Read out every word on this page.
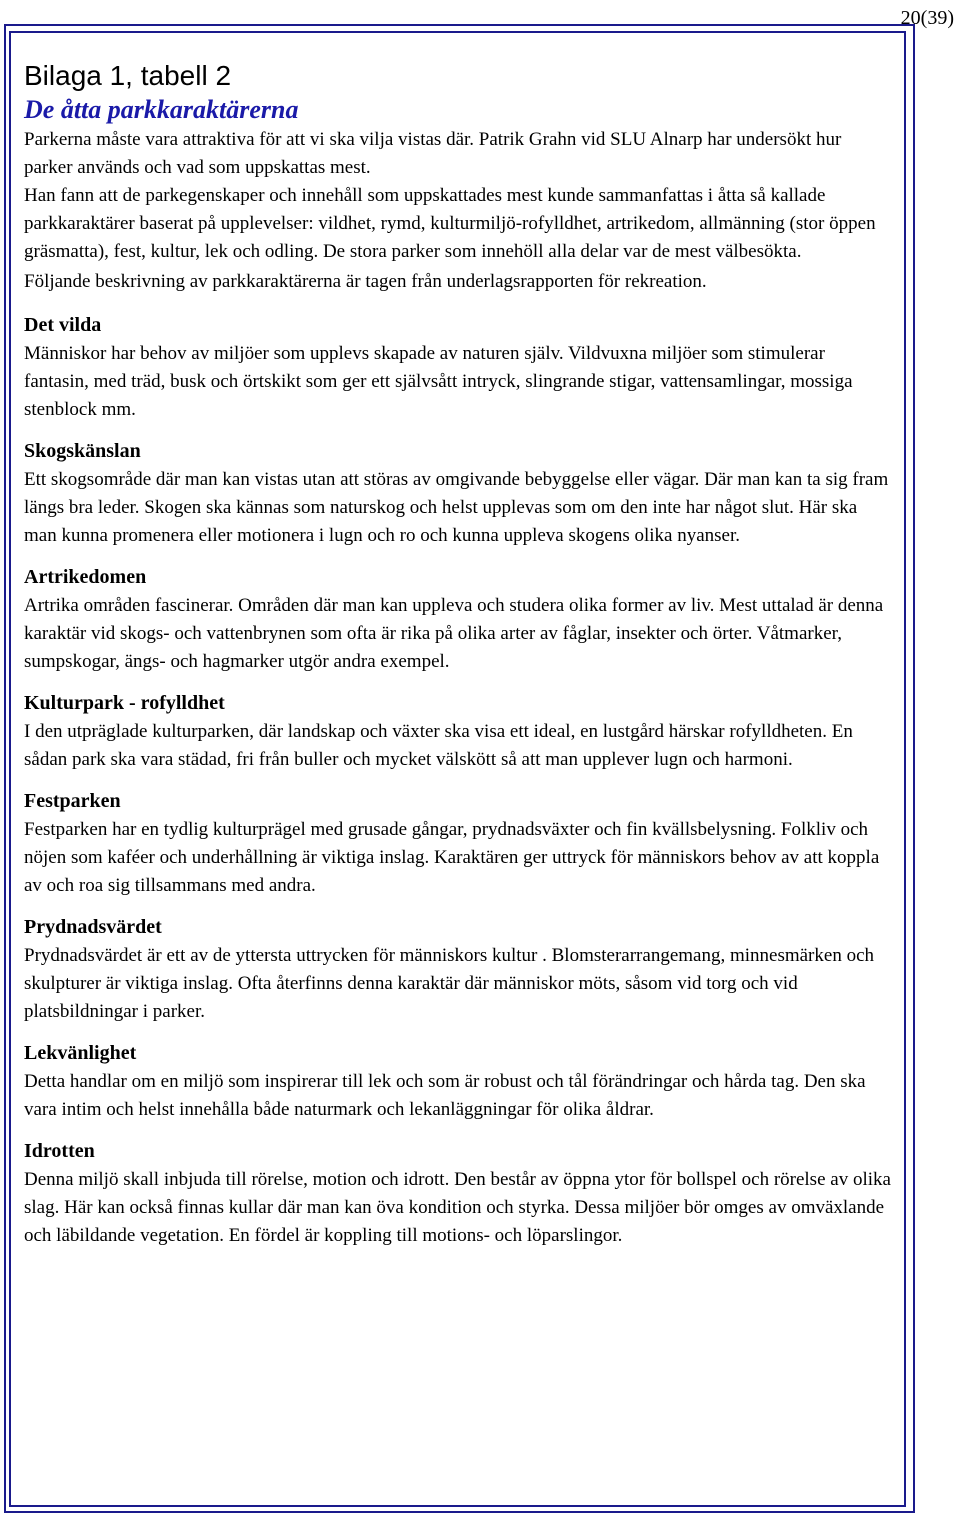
20(39)
Bilaga 1, tabell 2
De åtta parkkaraktärerna

Parkerna måste vara attraktiva för att vi ska vilja vistas där. Patrik Grahn vid SLU Alnarp har undersökt hur parker används och vad som uppskattas mest.

Han fann att de parkegenskaper och innehåll som uppskattades mest kunde sammanfattas i åtta så kallade parkkaraktärer baserat på upplevelser: vildhet, rymd, kulturmiljö-rofylldhet, artrikedom, allmänning (stor öppen gräsmatta), fest, kultur, lek och odling. De stora parker som innehöll alla delar var de mest välbesökta.

Följande beskrivning av parkkaraktärerna är tagen från underlagsrapporten för rekreation.

Det vilda

Människor har behov av miljöer som upplevs skapade av naturen själv. Vildvuxna miljöer som stimulerar fantasin, med träd, busk och örtskikt som ger ett självsått intryck, slingrande stigar, vattensamlingar, mossiga stenblock mm.

Skogskänslan

Ett skogsområde där man kan vistas utan att störas av omgivande bebyggelse eller vägar. Där man kan ta sig fram längs bra leder. Skogen ska kännas som naturskog och helst upplevas som om den inte har något slut. Här ska man kunna promenera eller motionera i lugn och ro och kunna uppleva skogens olika nyanser.

Artrikedomen

Artrika områden fascinerar. Områden där man kan uppleva och studera olika former av liv. Mest uttalad är denna karaktär vid skogs- och vattenbrynen som ofta är rika på olika arter av fåglar, insekter och örter. Våtmarker, sumpskogar, ängs- och hagmarker utgör andra exempel.

Kulturpark - rofylldhet

I den utpräglade kulturparken, där landskap och växter ska visa ett ideal, en lustgård härskar rofylldheten. En sådan park ska vara städad, fri från buller och mycket välskött så att man upplever lugn och harmoni.

Festparken

Festparken har en tydlig kulturprägel med grusade gångar, prydnadsväxter och fin kvällsbelysning. Folkliv och nöjen som kaféer och underhållning är viktiga inslag. Karaktären ger uttryck för människors behov av att koppla av och roa sig tillsammans med andra.

Prydnadsvärdet

Prydnadsvärdet är ett av de yttersta uttrycken för människors kultur . Blomsterarrangemang, minnesmärken och skulpturer är viktiga inslag. Ofta återfinns denna karaktär där människor möts, såsom vid torg och vid platsbildningar i parker.

Lekvänlighet

Detta handlar om en miljö som inspirerar till lek och som är robust och tål förändringar och hårda tag. Den ska vara intim och helst innehålla både naturmark och lekanläggningar för olika åldrar.

Idrotten

Denna miljö skall inbjuda till rörelse, motion och idrott. Den består av öppna ytor för bollspel och rörelse av olika slag. Här kan också finnas kullar där man kan öva kondition och styrka. Dessa miljöer bör omges av omväxlande och läbildande vegetation. En fördel är koppling till motions- och löparslingor.
